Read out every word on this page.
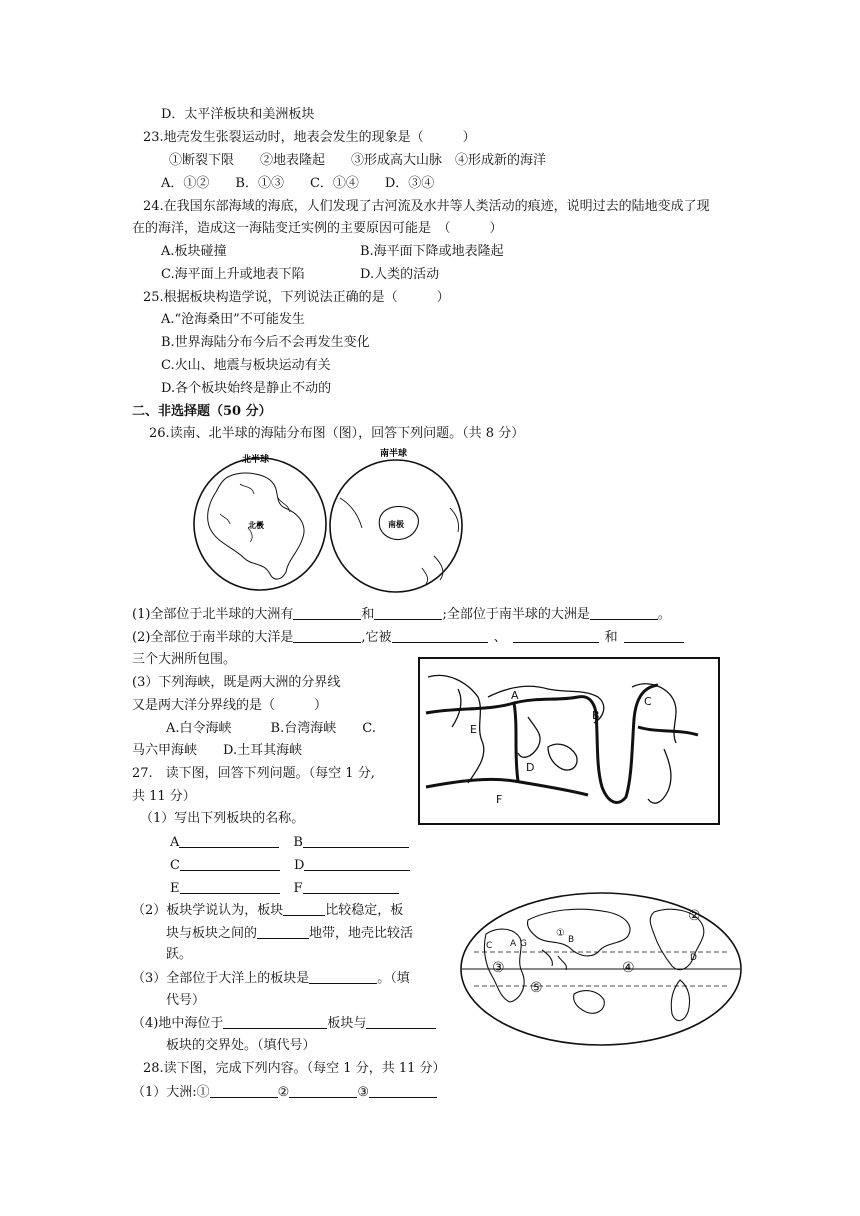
D．太平洋板块和美洲板块
23.地壳发生张裂运动时，地表会发生的现象是（　　　）
①断裂下限　　②地表隆起　　③形成高大山脉　④形成新的海洋
A．①②　　B．①③　　C．①④　　D．③④
24.在我国东部海域的海底，人们发现了古河流及水井等人类活动的痕迹，说明过去的陆地变成了现
在的海洋，造成这一海陆变迁实例的主要原因可能是　（　　　）
A.板块碰撞	B.海平面下降或地表隆起
C.海平面上升或地表下陷	D.人类的活动
25.根据板块构造学说，下列说法正确的是（　　　）
A.“沧海桑田”不可能发生
B.世界海陆分布今后不会再发生变化
C.火山、地震与板块运动有关
D.各个板块始终是静止不动的
二、非选择题（50 分）
26.读南、北半球的海陆分布图（图），回答下列问题。（共 8 分）
北半球
北极
南半球
南极
(1)全部位于北半球的大洲有	和	;全部位于南半球的大洲是	。
(2)全部位于南半球的大洋是	,它被	、	和
三个大洲所包围。
(3）下列海峡，既是两大洲的分界线
又是两大洋分界线的是（　　　）
A.白令海峡　　　B.台湾海峡　　C.
马六甲海峡　　D.土耳其海峡
A
B
C
D
E
F
27.　读下图，回答下列问题。（每空 1 分,
共 11 分）
（1）写出下列板块的名称。
A	B
C	D
E	F
（2）板块学说认为，板块	比较稳定，板
块与板块之间的	地带，地壳比较活
跃。
（3）全部位于大洋上的板块是	。（填
代号）
（4)地中海位于	板块与
板块的交界处。（填代号）
①
②
③	④
⑤
A	B
C
D
G
28.读下图，完成下列内容。（每空 1 分，共 11 分）
（1）大洲:①	②	③
